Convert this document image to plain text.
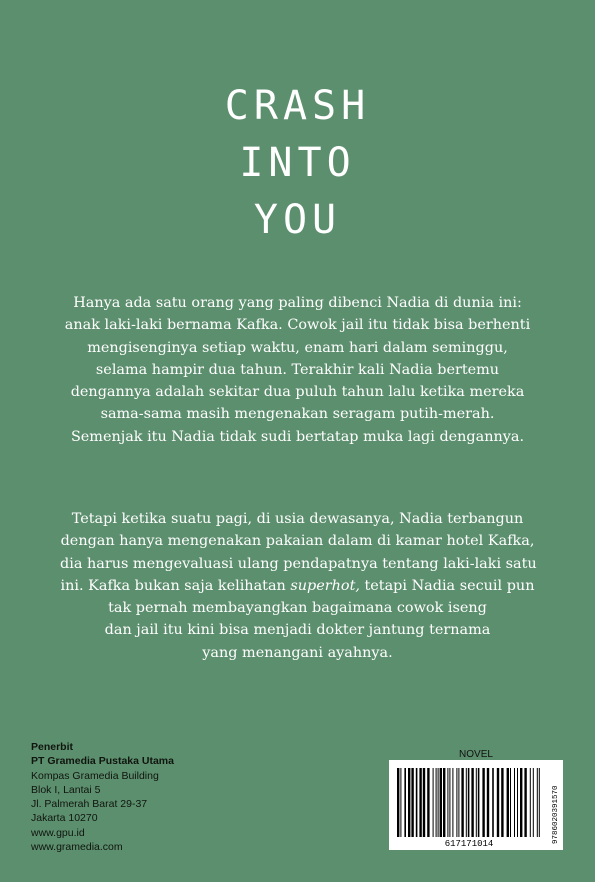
CRASH
INTO
YOU
Hanya ada satu orang yang paling dibenci Nadia di dunia ini:
anak laki-laki bernama Kafka. Cowok jail itu tidak bisa berhenti
mengisenginya setiap waktu, enam hari dalam seminggu,
selama hampir dua tahun. Terakhir kali Nadia bertemu
dengannya adalah sekitar dua puluh tahun lalu ketika mereka
sama-sama masih mengenakan seragam putih-merah.
Semenjak itu Nadia tidak sudi bertatap muka lagi dengannya.
Tetapi ketika suatu pagi, di usia dewasanya, Nadia terbangun
dengan hanya mengenakan pakaian dalam di kamar hotel Kafka,
dia harus mengevaluasi ulang pendapatnya tentang laki-laki satu
ini. Kafka bukan saja kelihatan superhot, tetapi Nadia secuil pun
tak pernah membayangkan bagaimana cowok iseng
dan jail itu kini bisa menjadi dokter jantung ternama
yang menangani ayahnya.
Penerbit
PT Gramedia Pustaka Utama
Kompas Gramedia Building
Blok I, Lantai 5
Jl. Palmerah Barat 29-37
Jakarta 10270
www.gpu.id
www.gramedia.com
NOVEL
617171014	9786020391570
